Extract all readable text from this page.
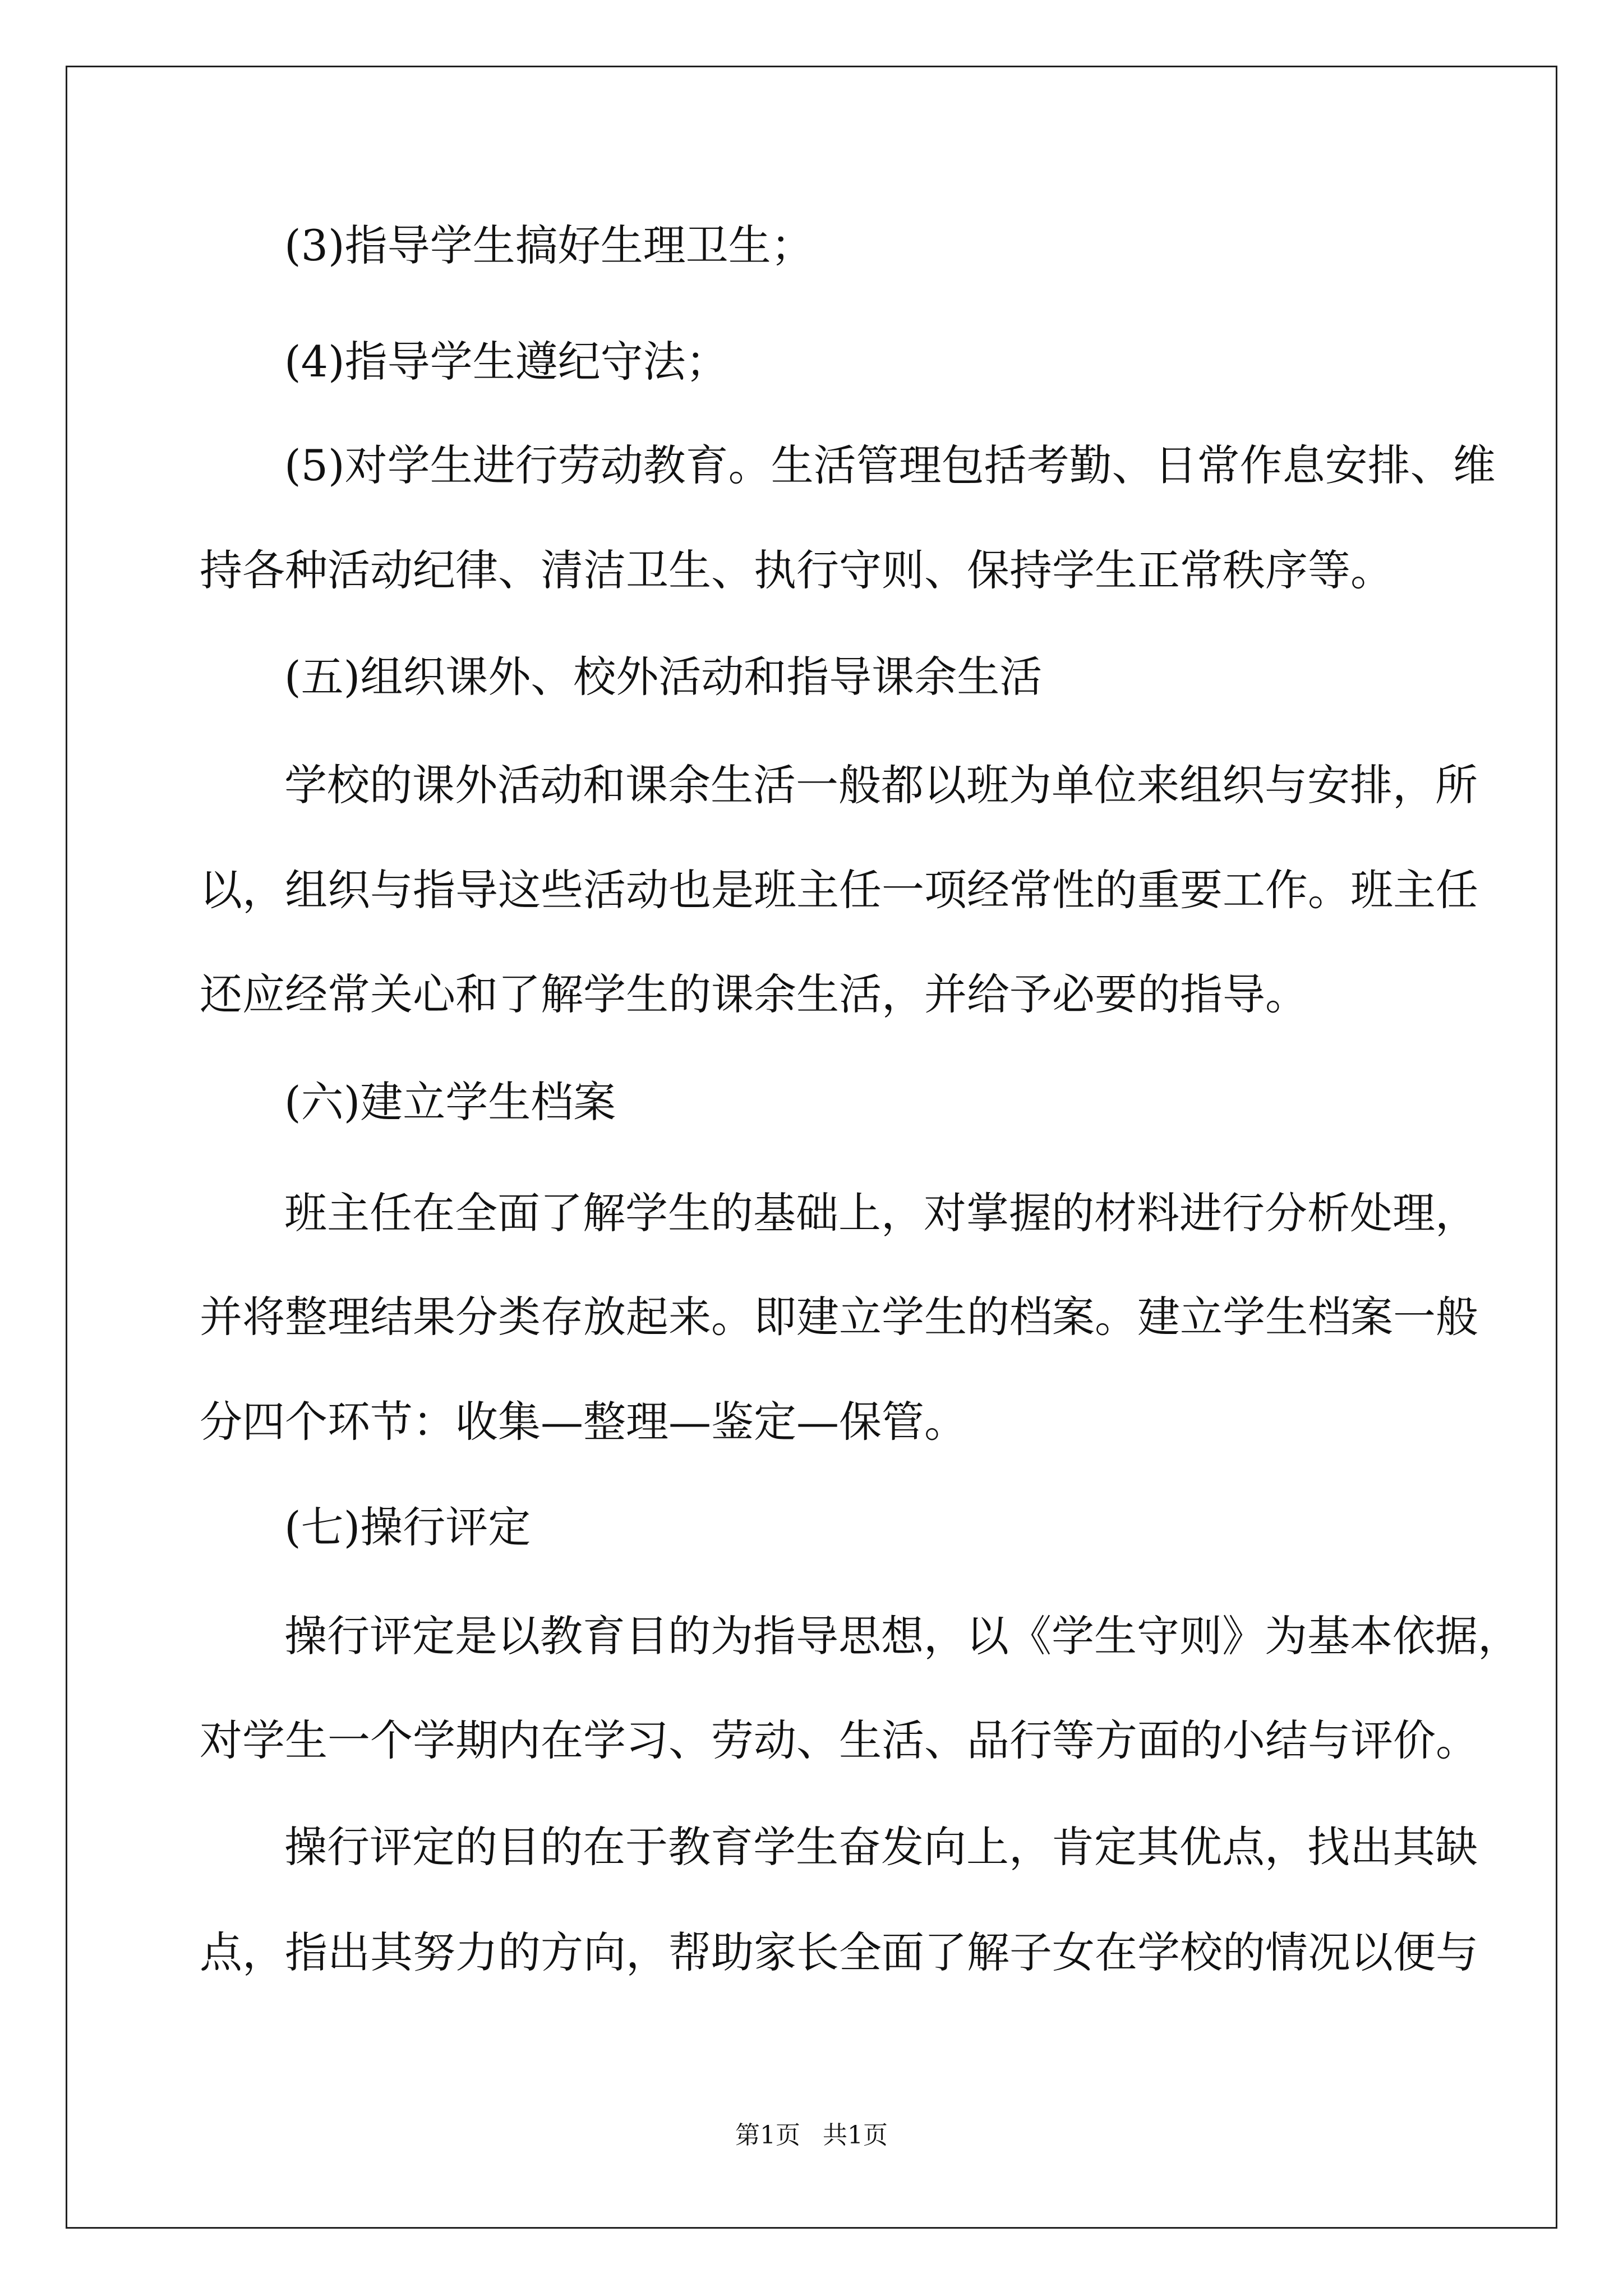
(3)指导学生搞好生理卫生；
(4)指导学生遵纪守法；
(5)对学生进行劳动教育。生活管理包括考勤、日常作息安排、维
持各种活动纪律、清洁卫生、执行守则、保持学生正常秩序等。
(五)组织课外、校外活动和指导课余生活
学校的课外活动和课余生活一般都以班为单位来组织与安排，所
以，组织与指导这些活动也是班主任一项经常性的重要工作。班主任
还应经常关心和了解学生的课余生活，并给予必要的指导。
(六)建立学生档案
班主任在全面了解学生的基础上，对掌握的材料进行分析处理，
并将整理结果分类存放起来。即建立学生的档案。建立学生档案一般
分四个环节：收集—整理—鉴定—保管。
(七)操行评定
操行评定是以教育目的为指导思想，以《学生守则》为基本依据，
对学生一个学期内在学习、劳动、生活、品行等方面的小结与评价。
操行评定的目的在于教育学生奋发向上，肯定其优点，找出其缺
点，指出其努力的方向，帮助家长全面了解子女在学校的情况以便与
第1页 共1页
